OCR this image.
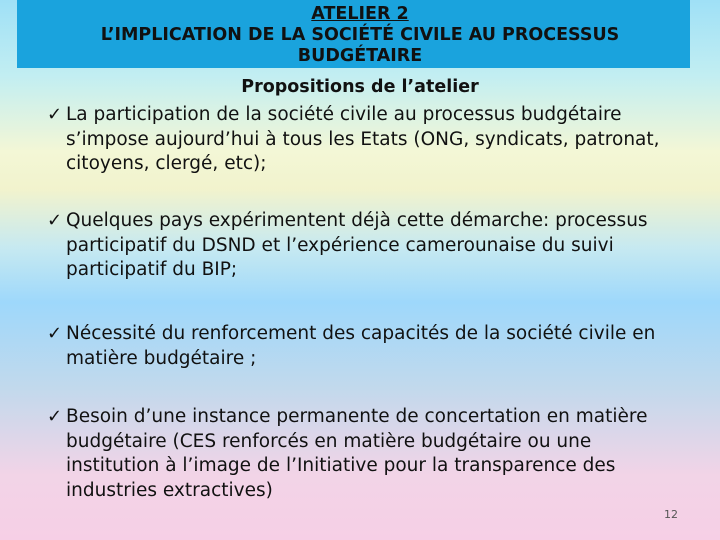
ATELIER 2
L’IMPLICATION DE LA SOCIÉTÉ CIVILE AU PROCESSUS
BUDGÉTAIRE
Propositions de l’atelier
✓ La participation de la société civile au processus budgétaire s’impose aujourd’hui à tous les Etats (ONG, syndicats, patronat, citoyens, clergé, etc);
✓ Quelques pays expérimentent déjà cette démarche: processus participatif du DSND et l’expérience camerounaise du suivi participatif du BIP;
✓ Nécessité du renforcement des capacités de la société civile en matière budgétaire ;
✓ Besoin d’une instance permanente de concertation en matière budgétaire (CES renforcés en matière budgétaire ou une institution à l’image de l’Initiative pour la transparence des industries extractives)
12
